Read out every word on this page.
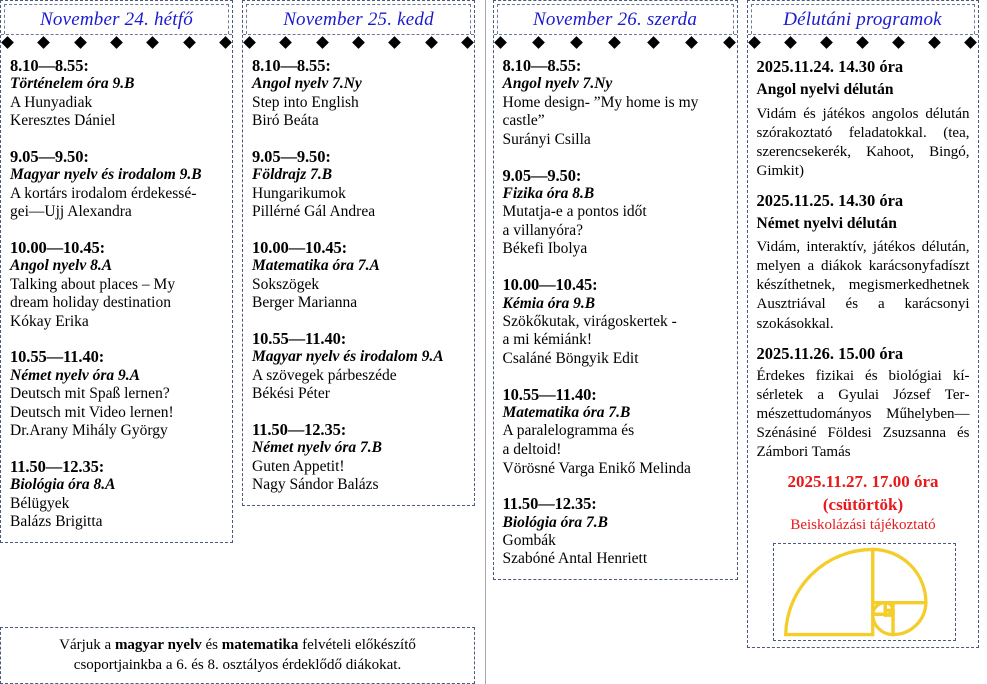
November 24. hétfő
8.10—8.55:
Történelem óra 9.B
A Hunyadiak
Keresztes Dániel
9.05—9.50:
Magyar nyelv és irodalom 9.B
A kortárs irodalom érdekessé-
gei—Ujj Alexandra
10.00—10.45:
Angol nyelv 8.A
Talking about places – My
dream holiday destination
Kókay Erika
10.55—11.40:
Német nyelv óra 9.A
Deutsch mit Spaß lernen?
Deutsch mit Video lernen!
Dr.Arany Mihály György
11.50—12.35:
Biológia óra 8.A
Bélügyek
Balázs Brigitta
November 25. kedd
8.10—8.55:
Angol nyelv 7.Ny
Step into English
Biró Beáta
9.05—9.50:
Földrajz 7.B
Hungarikumok
Pillérné Gál Andrea
10.00—10.45:
Matematika óra 7.A
Sokszögek
Berger Marianna
10.55—11.40:
Magyar nyelv és irodalom 9.A
A szövegek párbeszéde
Békési Péter
11.50—12.35:
Német nyelv óra 7.B
Guten Appetit!
Nagy Sándor Balázs
Várjuk a magyar nyelv és matematika felvételi előkészítő
csoportjainkba a 6. és 8. osztályos érdeklődő diákokat.
November 26. szerda
8.10—8.55:
Angol nyelv 7.Ny
Home design- ”My home is my
castle”
Surányi Csilla
9.05—9.50:
Fizika óra 8.B
Mutatja-e a pontos időt
a villanyóra?
Békefi Ibolya
10.00—10.45:
Kémia óra 9.B
Szökőkutak, virágoskertek -
a mi kémiánk!
Csaláné Böngyik Edit
10.55—11.40:
Matematika óra 7.B
A paralelogramma és
a deltoid!
Vörösné Varga Enikő Melinda
11.50—12.35:
Biológia óra 7.B
Gombák
Szabóné Antal Henriett
Délutáni programok
2025.11.24. 14.30 óra
Angol nyelvi délután
Vidám és játékos angolos délután szórakoztató feladatokkal. (tea, szerencsekerék, Kahoot, Bingó, Gimkit)
2025.11.25. 14.30 óra
Német nyelvi délután
Vidám, interaktív, játékos délután, melyen a diákok karácsonyfadíszt készíthetnek, megismerkedhetnek Ausztriával és a karácsonyi szokásokkal.
2025.11.26. 15.00 óra
Érdekes fizikai és biológiai kísérletek a Gyulai József Természettudományos Műhelyben—Szénásiné Földesi Zsuzsanna és Zámbori Tamás
2025.11.27. 17.00 óra
(csütörtök)
Beiskolázási tájékoztató
